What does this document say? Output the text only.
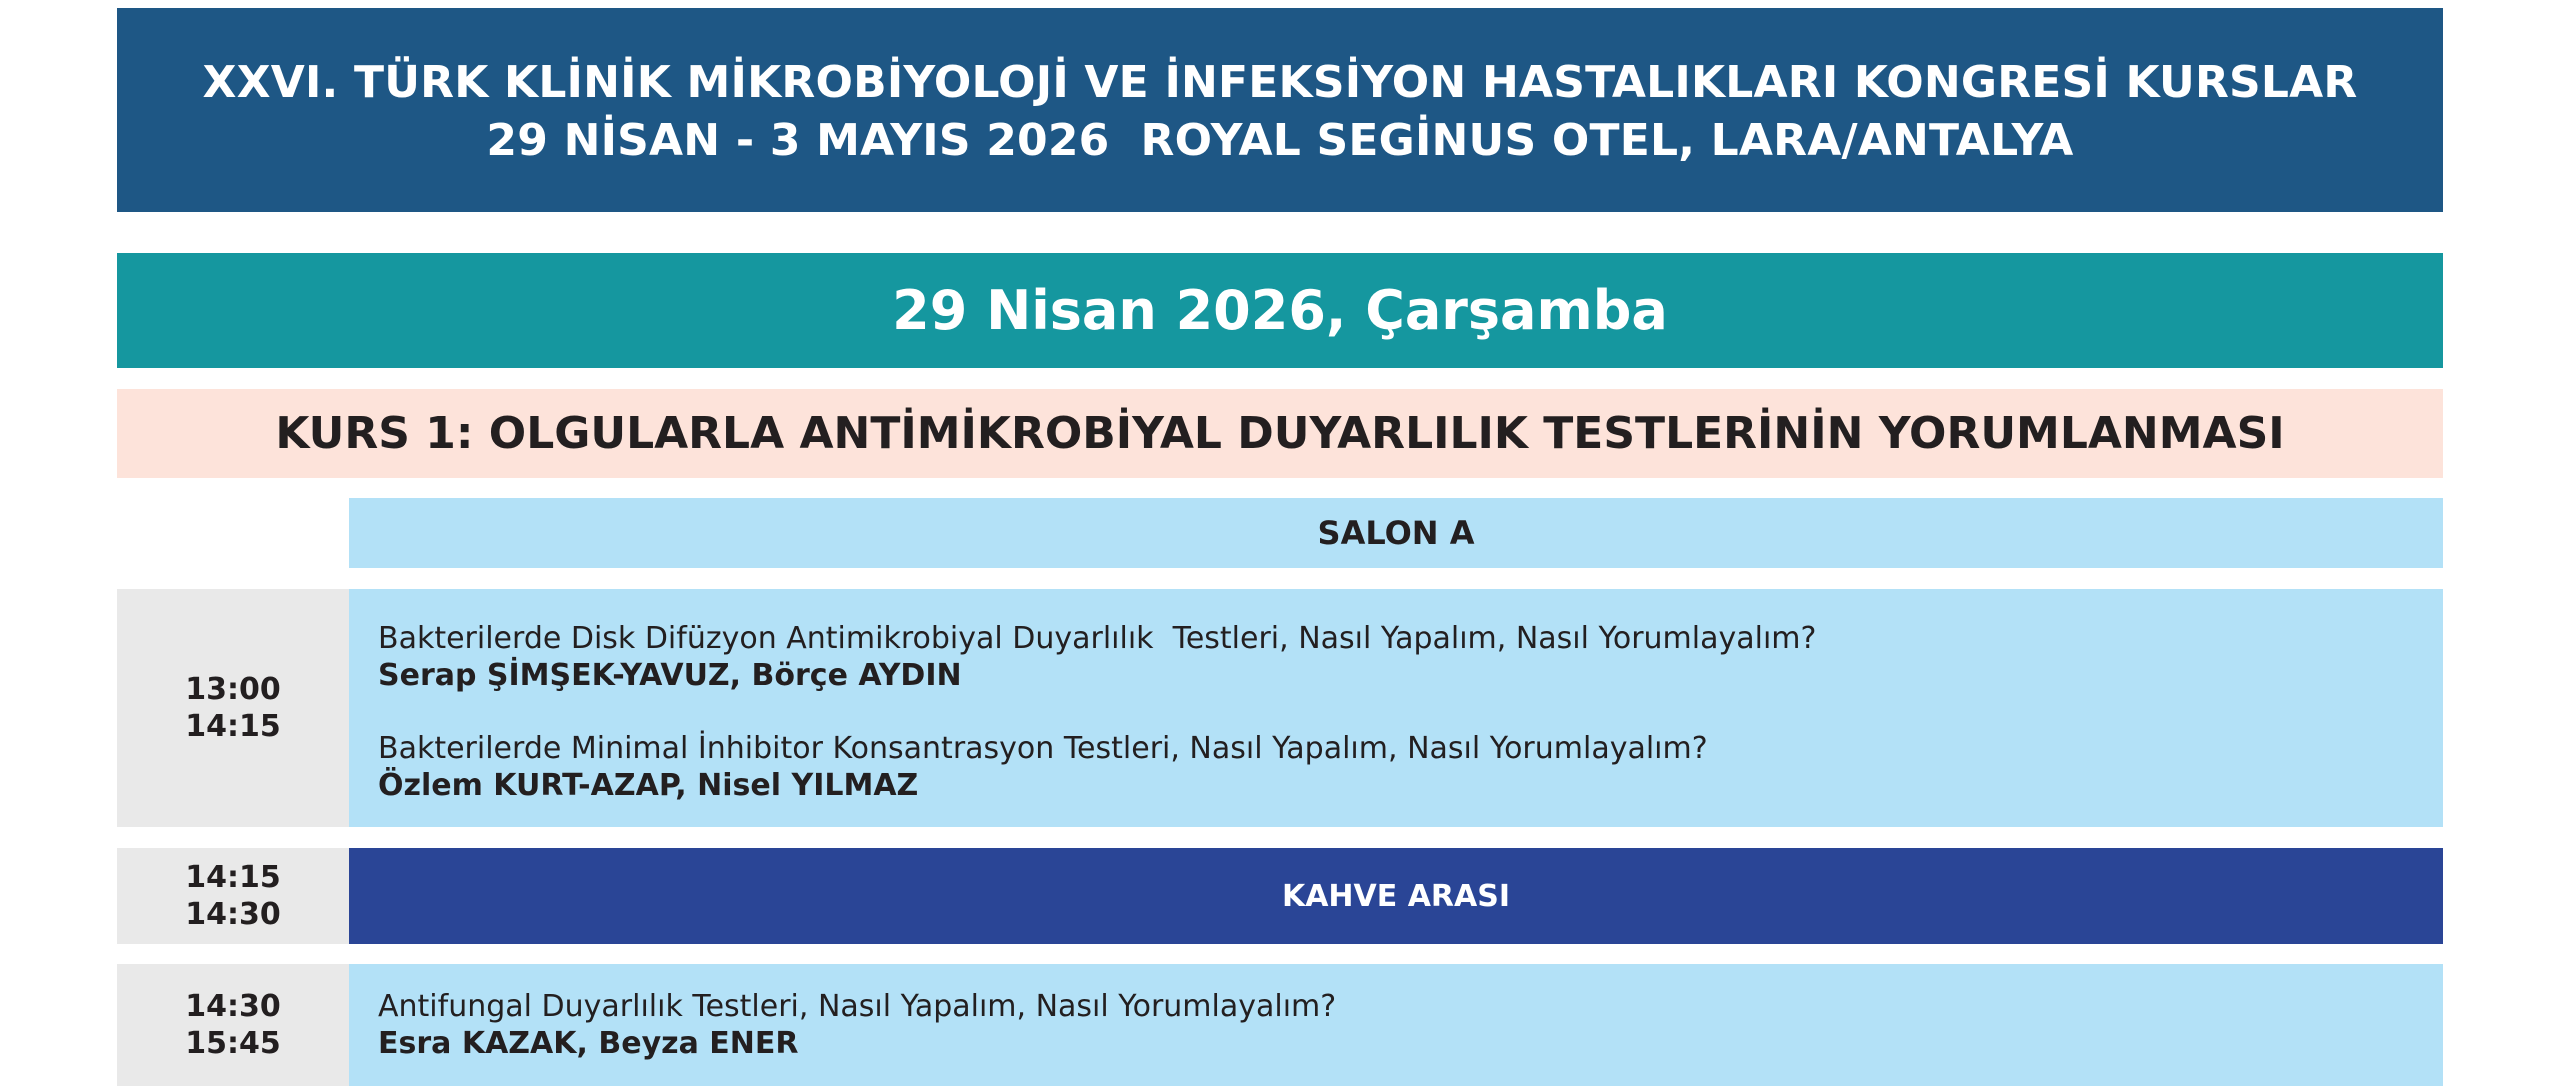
XXVI. TÜRK KLİNİK MİKROBİYOLOJİ VE İNFEKSİYON HASTALIKLARI KONGRESİ KURSLAR
29 NİSAN - 3 MAYIS 2026  ROYAL SEGİNUS OTEL, LARA/ANTALYA
29 Nisan 2026, Çarşamba
KURS 1: OLGULARLA ANTİMİKROBİYAL DUYARLILIK TESTLERİNİN YORUMLANMASI
SALON A
13:00
14:15
Bakterilerde Disk Difüzyon Antimikrobiyal Duyarlılık  Testleri, Nasıl Yapalım, Nasıl Yorumlayalım?
Serap ŞİMŞEK-YAVUZ, Börçe AYDIN
Bakterilerde Minimal İnhibitor Konsantrasyon Testleri, Nasıl Yapalım, Nasıl Yorumlayalım?
Özlem KURT-AZAP, Nisel YILMAZ
14:15
14:30
KAHVE ARASI
14:30
15:45
Antifungal Duyarlılık Testleri, Nasıl Yapalım, Nasıl Yorumlayalım?
Esra KAZAK, Beyza ENER
